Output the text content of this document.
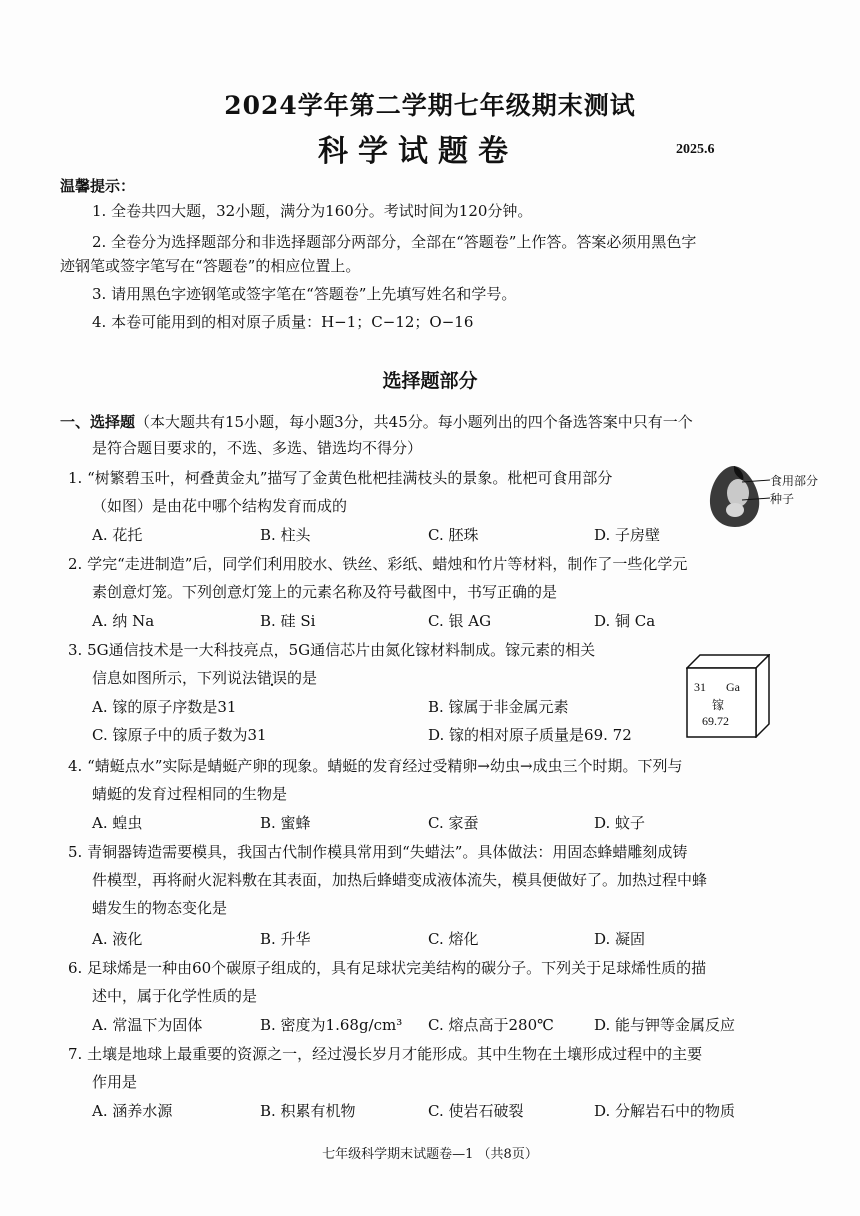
2024学年第二学期七年级期末测试
科学试题卷	2025.6
温馨提示：
1. 全卷共四大题，32小题，满分为160分。考试时间为120分钟。
2. 全卷分为选择题部分和非选择题部分两部分，全部在“答题卷”上作答。答案必须用黑色字
迹钢笔或签字笔写在“答题卷”的相应位置上。
3. 请用黑色字迹钢笔或签字笔在“答题卷”上先填写姓名和学号。
4. 本卷可能用到的相对原子质量：H−1；C−12；O−16
选择题部分
一、选择题（本大题共有15小题，每小题3分，共45分。每小题列出的四个备选答案中只有一个
是符合题目要求的，不选、多选、错选均不得分）
1. “树繁碧玉叶，柯叠黄金丸”描写了金黄色枇杷挂满枝头的景象。枇杷可食用部分
（如图）是由花中哪个结构发育而成的
A. 花托	B. 柱头	C. 胚珠	D. 子房壁
食用部分
种子
2. 学完“走进制造”后，同学们利用胶水、铁丝、彩纸、蜡烛和竹片等材料，制作了一些化学元
素创意灯笼。下列创意灯笼上的元素名称及符号截图中，书写正确的是
A. 纳 Na	B. 硅 Si	C. 银 AG	D. 铜 Ca
3. 5G通信技术是一大科技亮点，5G通信芯片由氮化镓材料制成。镓元素的相关
信息如图所示，下列说法错误的是
A. 镓的原子序数是31	B. 镓属于非金属元素
C. 镓原子中的质子数为31	D. 镓的相对原子质量是69. 72
31 Ga
镓
69.72
4. “蜻蜓点水”实际是蜻蜓产卵的现象。蜻蜓的发育经过受精卵→幼虫→成虫三个时期。下列与
蜻蜓的发育过程相同的生物是
A. 蝗虫	B. 蜜蜂	C. 家蚕	D. 蚊子
5. 青铜器铸造需要模具，我国古代制作模具常用到“失蜡法”。具体做法：用固态蜂蜡雕刻成铸
件模型，再将耐火泥料敷在其表面，加热后蜂蜡变成液体流失，模具便做好了。加热过程中蜂
蜡发生的物态变化是
A. 液化	B. 升华	C. 熔化	D. 凝固
6. 足球烯是一种由60个碳原子组成的，具有足球状完美结构的碳分子。下列关于足球烯性质的描
述中，属于化学性质的是
A. 常温下为固体	B. 密度为1.68g/cm³ C. 熔点高于280℃	D. 能与钾等金属反应
7. 土壤是地球上最重要的资源之一，经过漫长岁月才能形成。其中生物在土壤形成过程中的主要
作用是
A. 涵养水源	B. 积累有机物	C. 使岩石破裂	D. 分解岩石中的物质
七年级科学期末试题卷—1 （共8页）
